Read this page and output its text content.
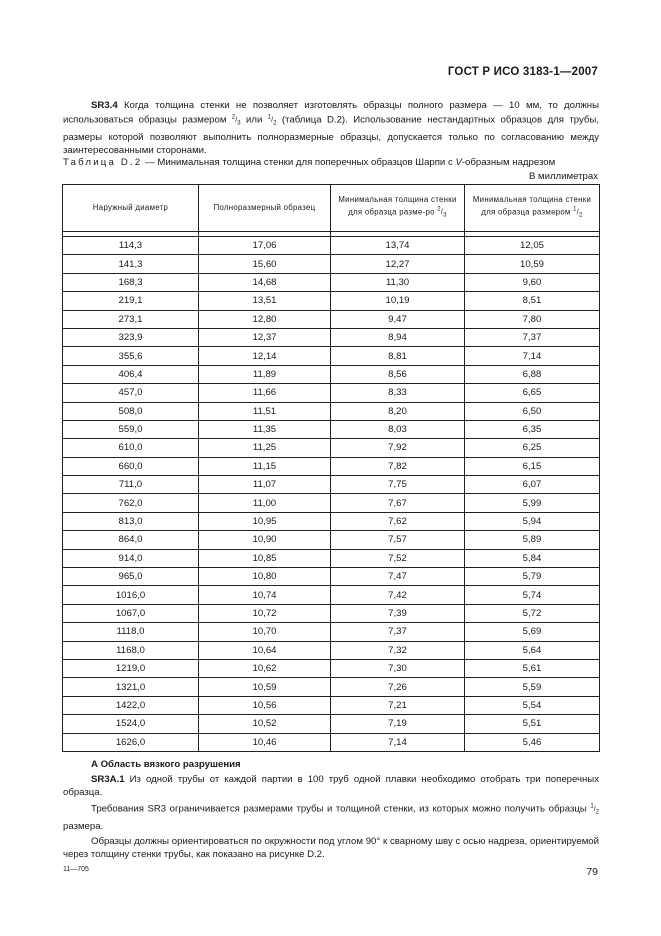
ГОСТ Р ИСО 3183-1—2007

SR3.4 Когда толщина стенки не позволяет изготовлять образцы полного размера — 10 мм, то должны использоваться образцы размером $^2/_3$ или $^1/_2$ (таблица D.2). Использование нестандартных образцов для трубы, размеры которой позволяют выполнить полноразмерные образцы, допускается только по согласованию между заинтересованными сторонами.

Таблица D.2 — Минимальная толщина стенки для поперечных образцов Шарпи с V-образным надрезом

В миллиметрах
Наружный диаметр	Полноразмерный образец	Минимальная толщина стенки для образца разме-ро $^2/_3$	Минимальная толщина стенки для образца размером $^1/_2$

114,3	17,06	13,74	12,05
141,3	15,60	12,27	10,59
168,3	14,68	11,30	9,60
219,1	13,51	10,19	8,51
273,1	12,80	9,47	7,80
323,9	12,37	8,94	7,37
355,6	12,14	8,81	7,14
406,4	11,89	8,56	6,88
457,0	11,66	8,33	6,65
508,0	11,51	8,20	6,50
559,0	11,35	8,03	6,35
610,0	11,25	7,92	6,25
660,0	11,15	7,82	6,15
711,0	11,07	7,75	6,07
762,0	11,00	7,67	5,99
813,0	10,95	7,62	5,94
864,0	10,90	7,57	5,89
914,0	10,85	7,52	5,84
965,0	10,80	7,47	5,79
1016,0	10,74	7,42	5,74
1067,0	10,72	7,39	5,72
1118,0	10,70	7,37	5,69
1168,0	10,64	7,32	5,64
1219,0	10,62	7,30	5,61
1321,0	10,59	7,26	5,59
1422,0	10,56	7,21	5,54
1524,0	10,52	7,19	5,51
1626,0	10,46	7,14	5,46

А Область вязкого разрушения

SR3A.1 Из одной трубы от каждой партии в 100 труб одной плавки необходимо отобрать три поперечных образца.

Требования SR3 ограничивается размерами трубы и толщиной стенки, из которых можно получить образцы $^1/_2$ размера.

Образцы должны ориентироваться по окружности под углом 90° к сварному шву с осью надреза, ориентируемой через толщину стенки трубы, как показано на рисунке D.2.

11—705	79
